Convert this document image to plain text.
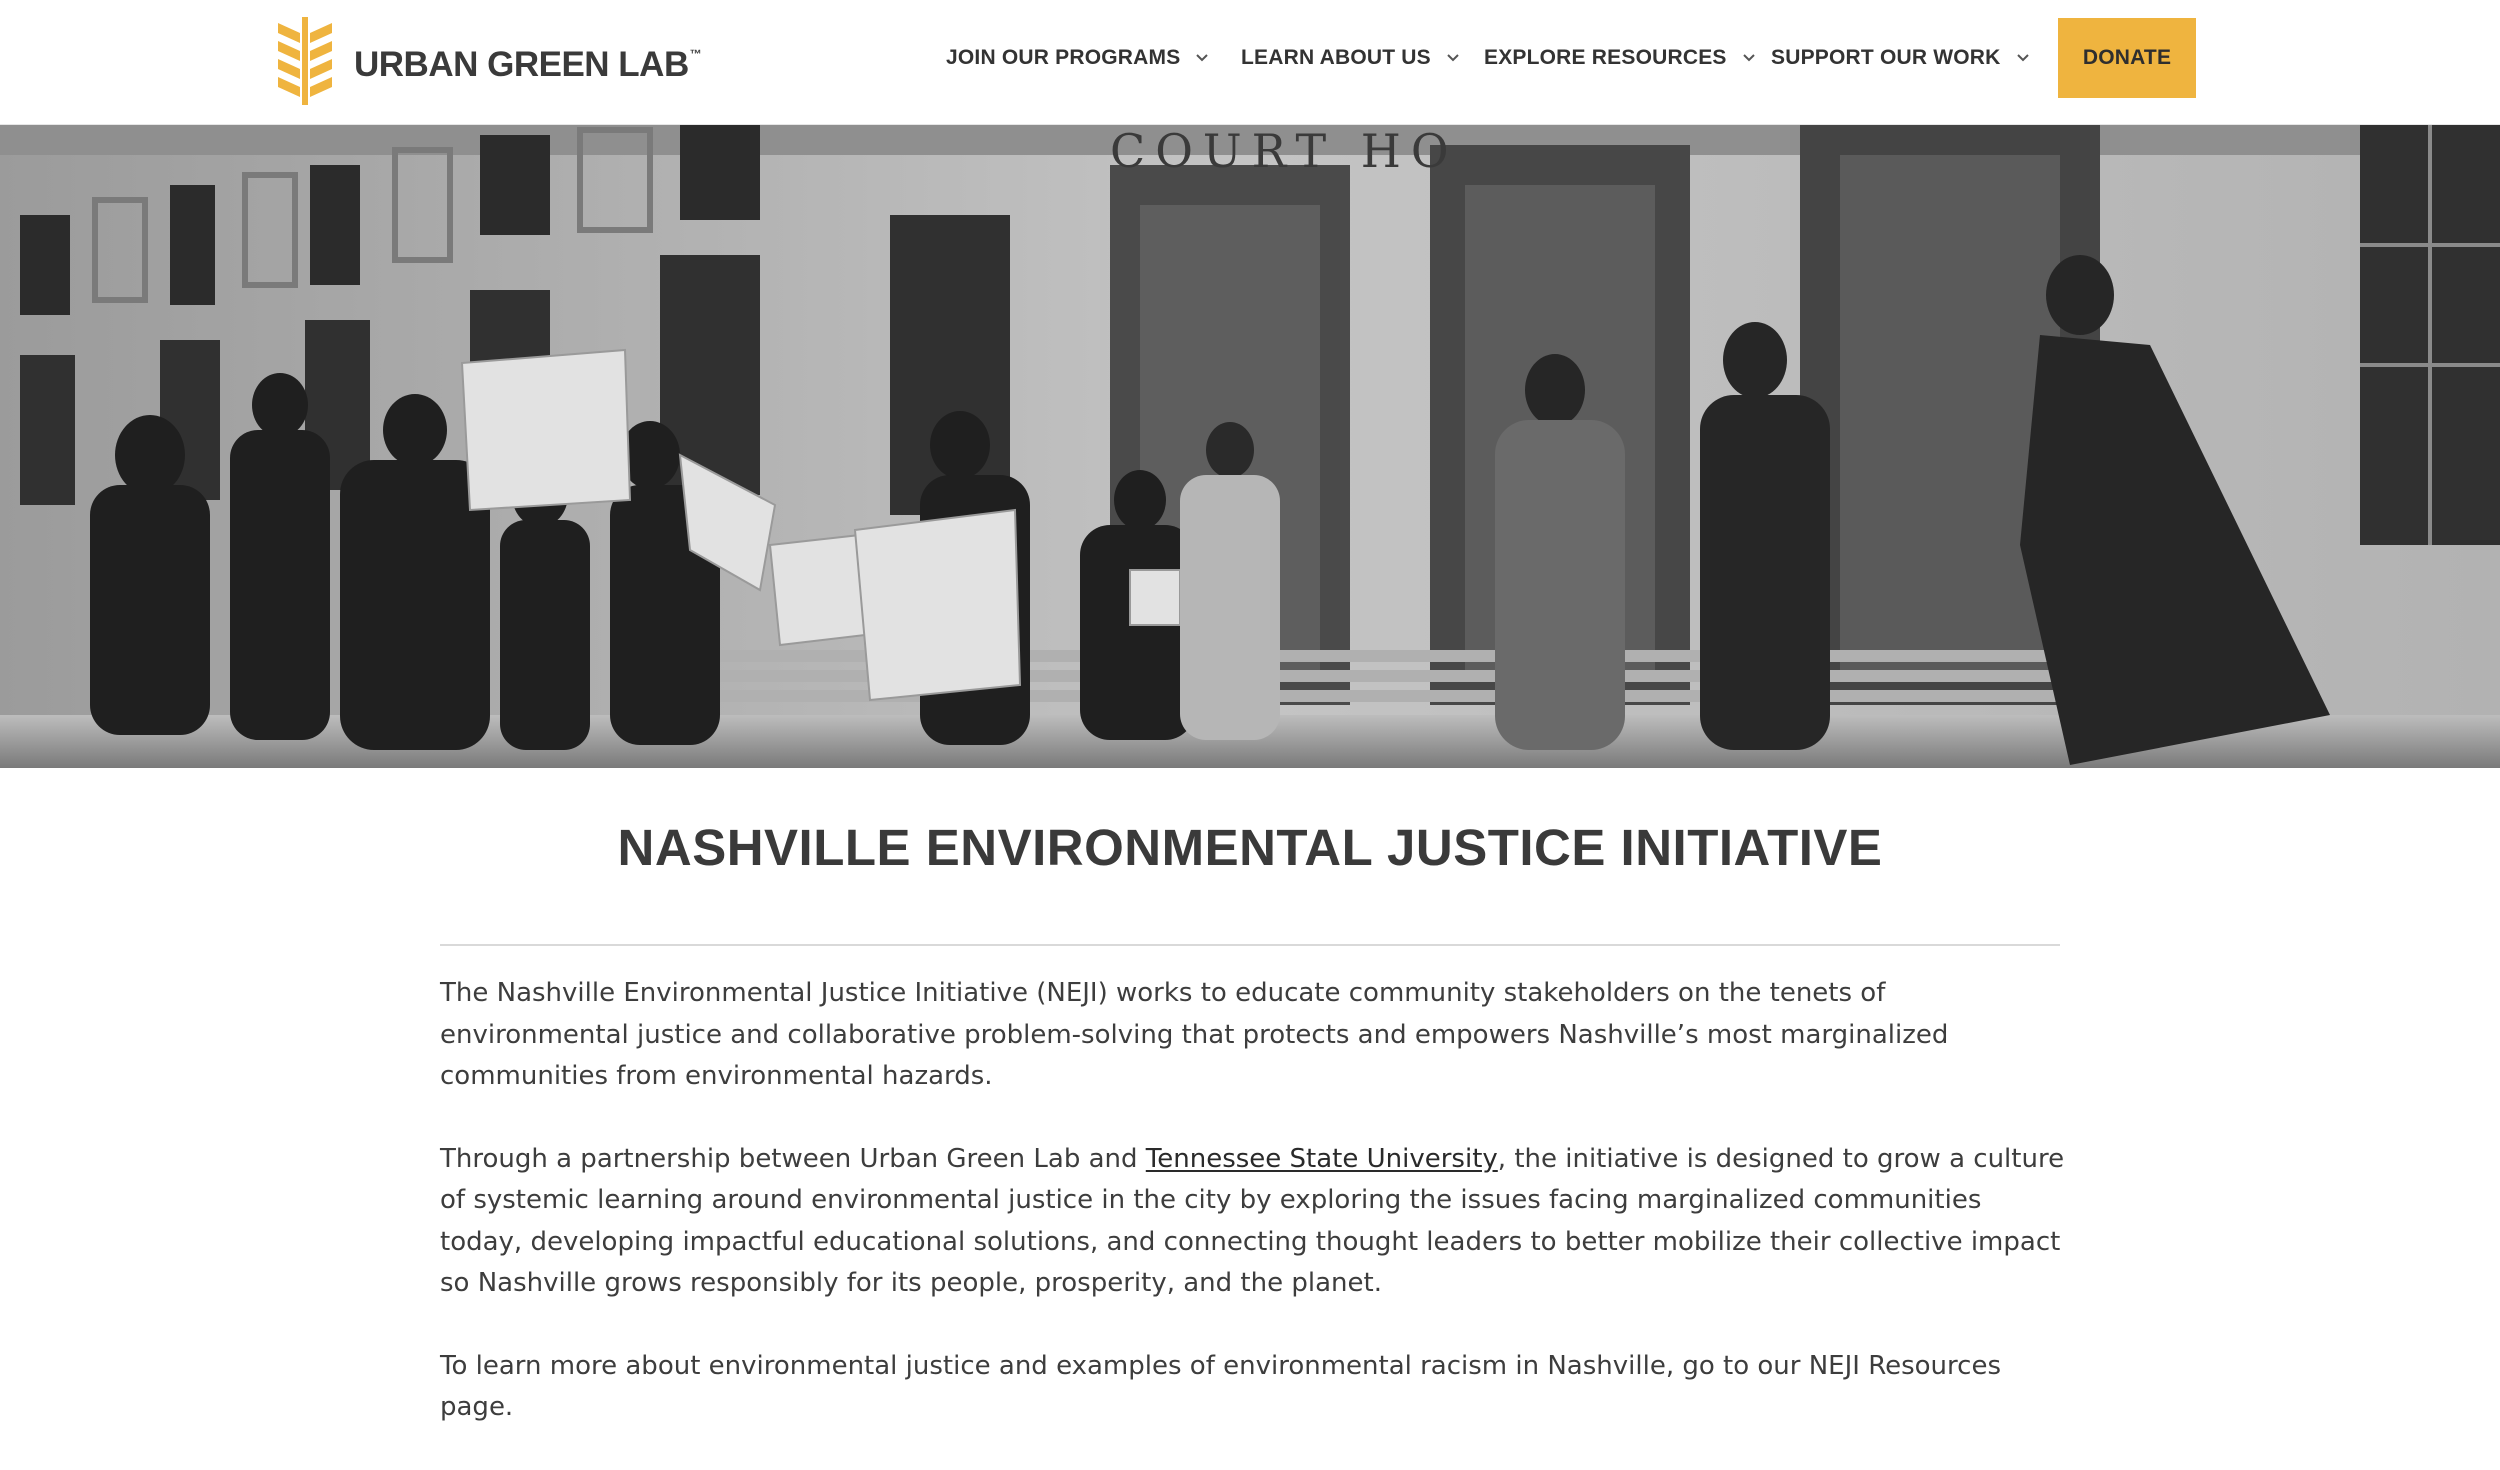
URBAN GREEN LAB™	JOIN OUR PROGRAMS	LEARN ABOUT US	EXPLORE RESOURCES SUPPORT OUR WORK	DONATE
COURT HO
NASHVILLE ENVIRONMENTAL JUSTICE INITIATIVE

The Nashville Environmental Justice Initiative (NEJI) works to educate community stakeholders on the tenets of environmental justice and collaborative problem-solving that protects and empowers Nashville’s most marginalized communities from environmental hazards.

Through a partnership between Urban Green Lab and Tennessee State University, the initiative is designed to grow a culture of systemic learning around environmental justice in the city by exploring the issues facing marginalized communities today, developing impactful educational solutions, and connecting thought leaders to better mobilize their collective impact so Nashville grows responsibly for its people, prosperity, and the planet.

To learn more about environmental justice and examples of environmental racism in Nashville, go to our NEJI Resources page.
